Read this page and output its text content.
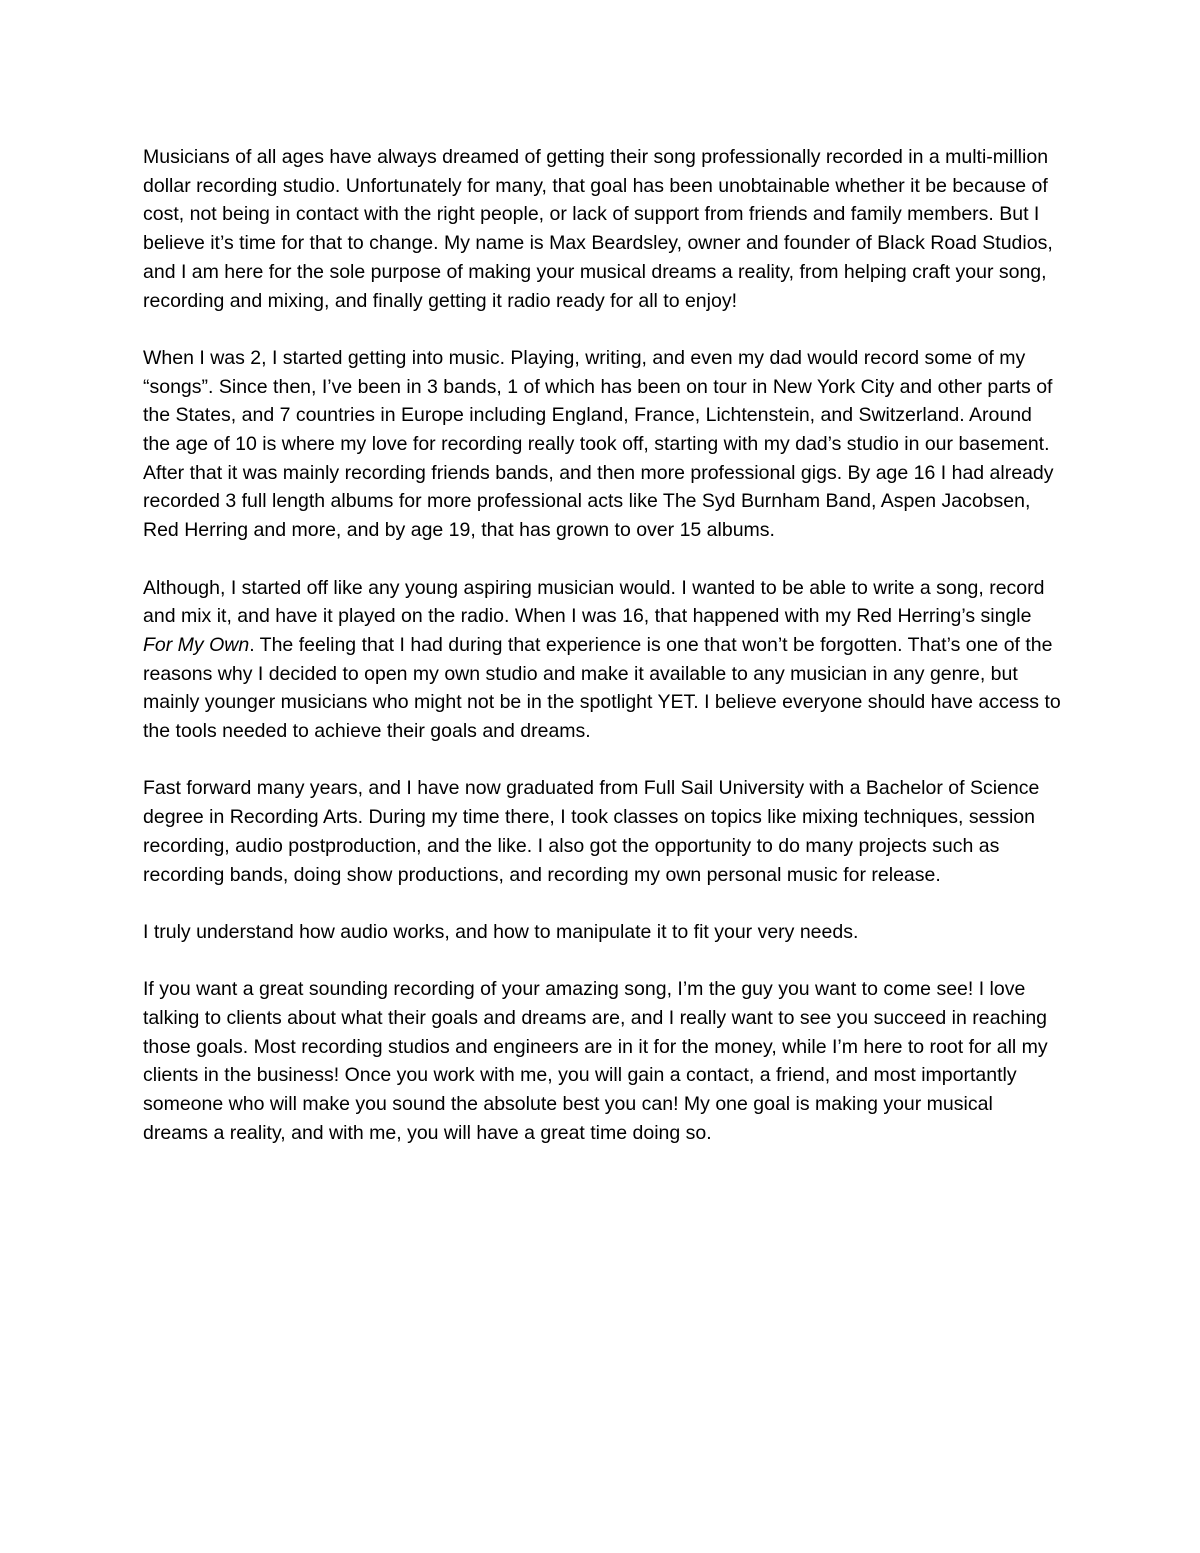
Musicians of all ages have always dreamed of getting their song professionally recorded in a multi-million dollar recording studio. Unfortunately for many, that goal has been unobtainable whether it be because of cost, not being in contact with the right people, or lack of support from friends and family members. But I believe it’s time for that to change. My name is Max Beardsley, owner and founder of Black Road Studios, and I am here for the sole purpose of making your musical dreams a reality, from helping craft your song, recording and mixing, and finally getting it radio ready for all to enjoy!

When I was 2, I started getting into music. Playing, writing, and even my dad would record some of my “songs”. Since then, I’ve been in 3 bands, 1 of which has been on tour in New York City and other parts of the States, and 7 countries in Europe including England, France, Lichtenstein, and Switzerland. Around the age of 10 is where my love for recording really took off, starting with my dad’s studio in our basement. After that it was mainly recording friends bands, and then more professional gigs. By age 16 I had already recorded 3 full length albums for more professional acts like The Syd Burnham Band, Aspen Jacobsen, Red Herring and more, and by age 19, that has grown to over 15 albums.

Although, I started off like any young aspiring musician would. I wanted to be able to write a song, record and mix it, and have it played on the radio. When I was 16, that happened with my Red Herring’s single For My Own. The feeling that I had during that experience is one that won’t be forgotten. That’s one of the reasons why I decided to open my own studio and make it available to any musician in any genre, but mainly younger musicians who might not be in the spotlight YET. I believe everyone should have access to the tools needed to achieve their goals and dreams.

Fast forward many years, and I have now graduated from Full Sail University with a Bachelor of Science degree in Recording Arts. During my time there, I took classes on topics like mixing techniques, session recording, audio postproduction, and the like. I also got the opportunity to do many projects such as recording bands, doing show productions, and recording my own personal music for release.

I truly understand how audio works, and how to manipulate it to fit your very needs.

If you want a great sounding recording of your amazing song, I’m the guy you want to come see! I love talking to clients about what their goals and dreams are, and I really want to see you succeed in reaching those goals. Most recording studios and engineers are in it for the money, while I’m here to root for all my clients in the business! Once you work with me, you will gain a contact, a friend, and most importantly someone who will make you sound the absolute best you can! My one goal is making your musical dreams a reality, and with me, you will have a great time doing so.
